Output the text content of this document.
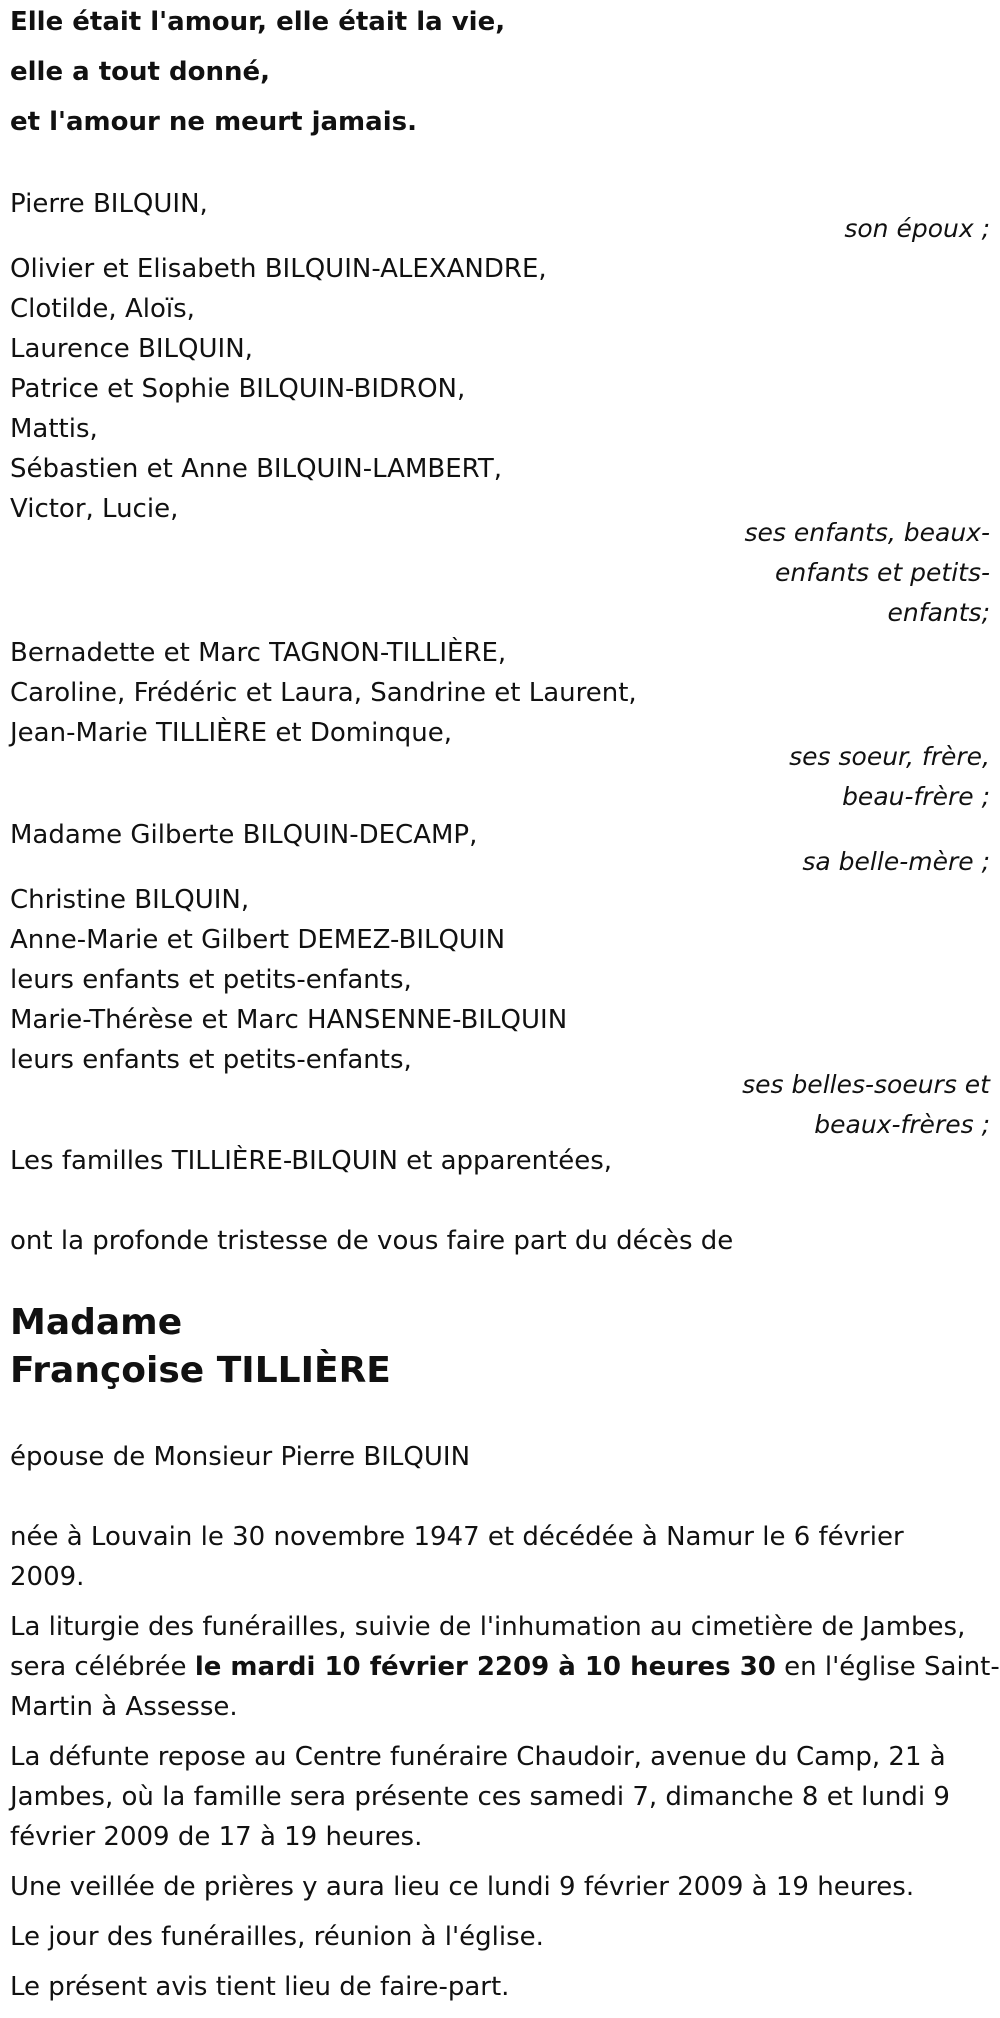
Elle était l'amour, elle était la vie,
elle a tout donné,
et l'amour ne meurt jamais.
Pierre BILQUIN,
son époux ;
Olivier et Elisabeth BILQUIN-ALEXANDRE,
Clotilde, Aloïs,
Laurence BILQUIN,
Patrice et Sophie BILQUIN-BIDRON,
Mattis,
Sébastien et Anne BILQUIN-LAMBERT,
Victor, Lucie,
ses enfants, beaux-
enfants et petits-
enfants;
Bernadette et Marc TAGNON-TILLIÈRE,
Caroline, Frédéric et Laura, Sandrine et Laurent,
Jean-Marie TILLIÈRE et Dominque,
ses soeur, frère,
beau-frère ;
Madame Gilberte BILQUIN-DECAMP,
sa belle-mère ;
Christine BILQUIN,
Anne-Marie et Gilbert DEMEZ-BILQUIN
leurs enfants et petits-enfants,
Marie-Thérèse et Marc HANSENNE-BILQUIN
leurs enfants et petits-enfants,
ses belles-soeurs et
beaux-frères ;
Les familles TILLIÈRE-BILQUIN et apparentées,
ont la profonde tristesse de vous faire part du décès de
Madame
Françoise TILLIÈRE
épouse de Monsieur Pierre BILQUIN
née à Louvain le 30 novembre 1947 et décédée à Namur le 6 février
2009.
La liturgie des funérailles, suivie de l'inhumation au cimetière de Jambes,
sera célébrée le mardi 10 février 2209 à 10 heures 30 en l'église Saint-
Martin à Assesse.
La défunte repose au Centre funéraire Chaudoir, avenue du Camp, 21 à
Jambes, où la famille sera présente ces samedi 7, dimanche 8 et lundi 9
février 2009 de 17 à 19 heures.
Une veillée de prières y aura lieu ce lundi 9 février 2009 à 19 heures.
Le jour des funérailles, réunion à l'église.
Le présent avis tient lieu de faire-part.
